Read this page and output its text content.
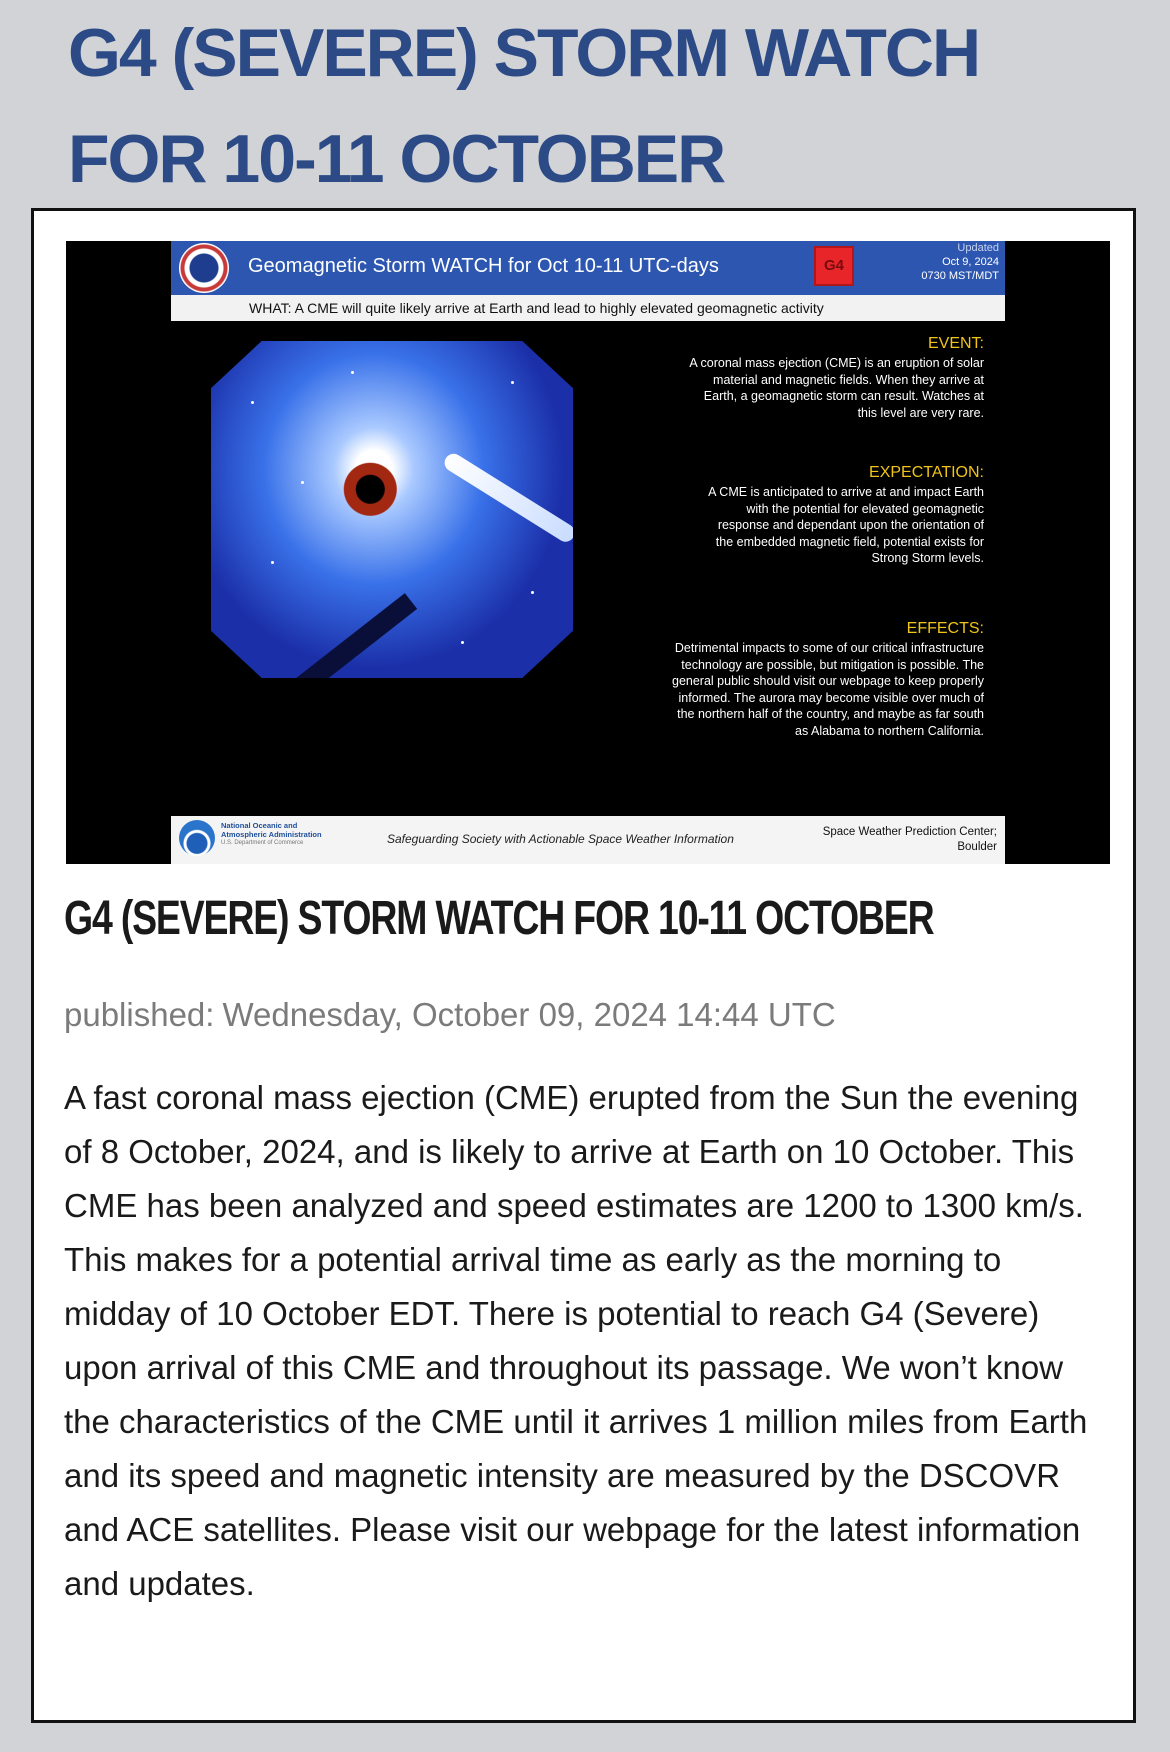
G4 (SEVERE) STORM WATCH FOR 10-11 OCTOBER
Geomagnetic Storm WATCH for Oct 10-11 UTC-days	G4
Updated
Oct 9, 2024
0730 MST/MDT
WHAT: A CME will quite likely arrive at Earth and lead to highly elevated geomagnetic activity
EVENT:
A coronal mass ejection (CME) is an eruption of solar
material and magnetic fields. When they arrive at
Earth, a geomagnetic storm can result. Watches at
this level are very rare.
EXPECTATION:
A CME is anticipated to arrive at and impact Earth
with the potential for elevated geomagnetic
response and dependant upon the orientation of
the embedded magnetic field, potential exists for
Strong Storm levels.
EFFECTS:
Detrimental impacts to some of our critical infrastructure
technology are possible, but mitigation is possible. The
general public should visit our webpage to keep properly
informed. The aurora may become visible over much of
the northern half of the country, and maybe as far south
as Alabama to northern California.
National Oceanic and
Atmospheric Administration
U.S. Department of Commerce	Safeguarding Society with Actionable Space Weather Information	Space Weather Prediction Center;
Boulder
G4 (SEVERE) STORM WATCH FOR 10-11 OCTOBER
published: Wednesday, October 09, 2024 14:44 UTC

A fast coronal mass ejection (CME) erupted from the Sun the evening of 8 October, 2024, and is likely to arrive at Earth on 10 October. This CME has been analyzed and speed estimates are 1200 to 1300 km/s. This makes for a potential arrival time as early as the morning to midday of 10 October EDT. There is potential to reach G4 (Severe) upon arrival of this CME and throughout its passage. We won’t know the characteristics of the CME until it arrives 1 million miles from Earth and its speed and magnetic intensity are measured by the DSCOVR and ACE satellites. Please visit our webpage for the latest information and updates.
